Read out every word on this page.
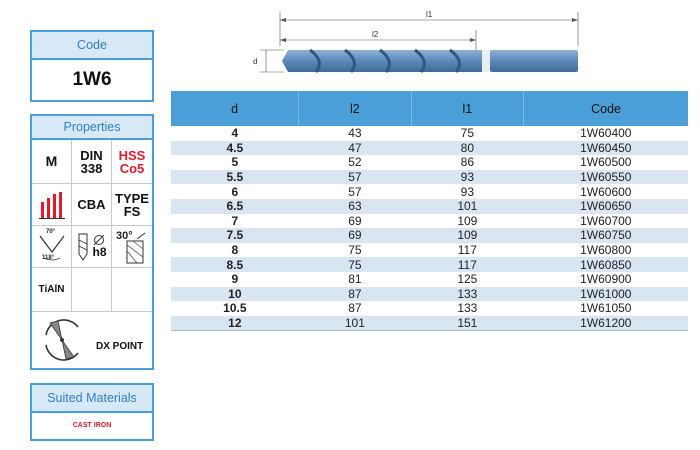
Code
1W6
Properties
M DIN
338
HSS
Co5
CBA TYPE
FS
70°
118°	h8
30°
TiAlN
DX POINT
Suited Materials
CAST IRON
l1
l2
d
d	l2	l1	Code
4	43	75	1W60400
4.5	47	80	1W60450
5	52	86	1W60500
5.5	57	93	1W60550
6	57	93	1W60600
6.5	63	101	1W60650
7	69	109	1W60700
7.5	69	109	1W60750
8	75	117	1W60800
8.5	75	117	1W60850
9	81	125	1W60900
10	87	133	1W61000
10.5	87	133	1W61050
12	101	151	1W61200
